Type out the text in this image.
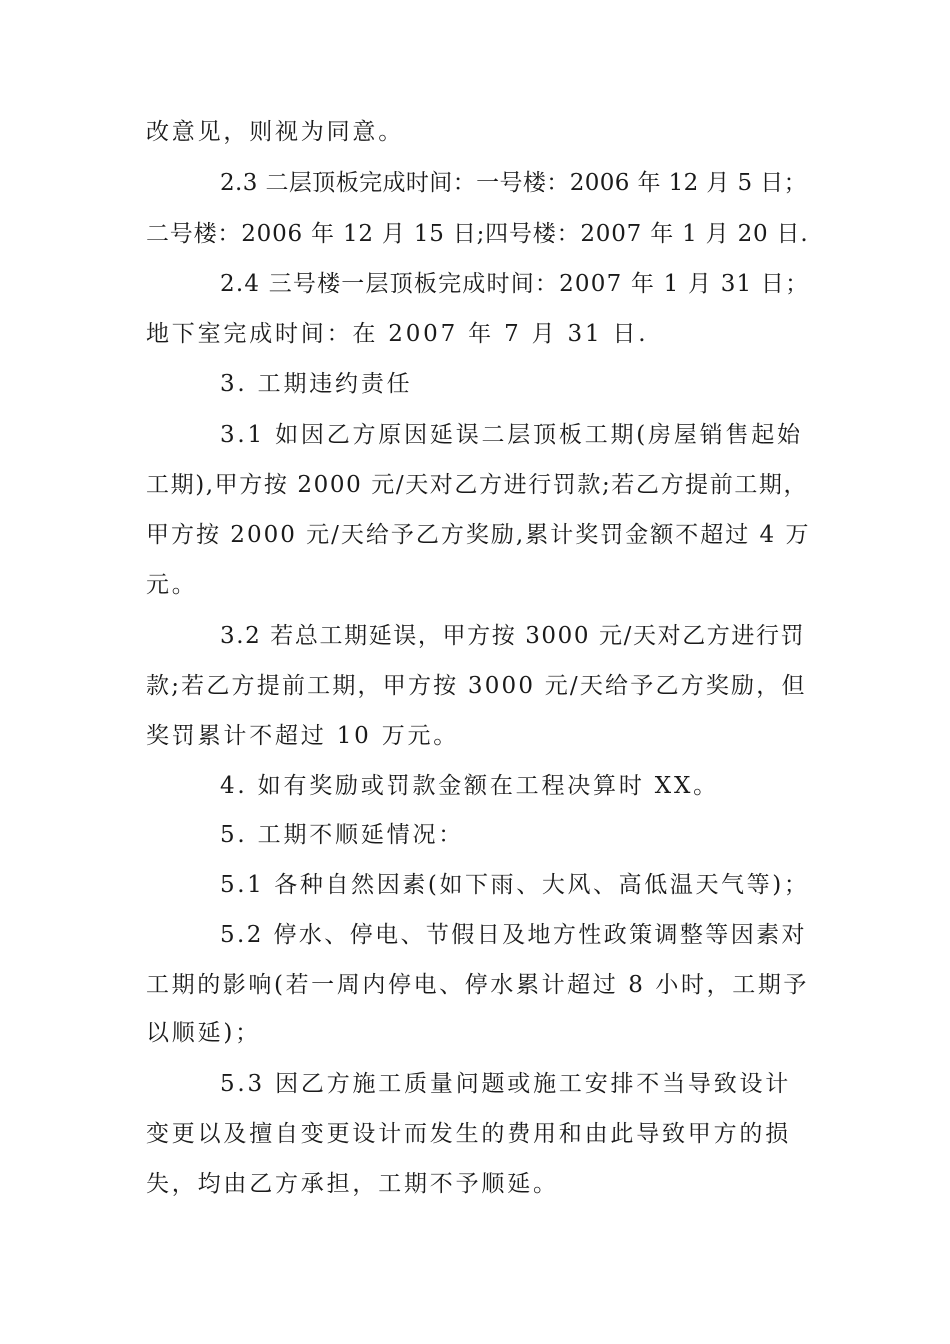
改意见，则视为同意。

2.3 二层顶板完成时间：一号楼：2006 年 12 月 5 日；

二号楼：2006 年 12 月 15 日;四号楼：2007 年 1 月 20 日.

2.4 三号楼一层顶板完成时间：2007 年 1 月 31 日；

地下室完成时间：在 2007 年 7 月 31 日.

3. 工期违约责任

3.1 如因乙方原因延误二层顶板工期(房屋销售起始

工期),甲方按 2000 元/天对乙方进行罚款;若乙方提前工期，

甲方按 2000 元/天给予乙方奖励,累计奖罚金额不超过 4 万

元。

3.2 若总工期延误，甲方按 3000 元/天对乙方进行罚

款;若乙方提前工期，甲方按 3000 元/天给予乙方奖励，但

奖罚累计不超过 10 万元。

4. 如有奖励或罚款金额在工程决算时 XX。

5. 工期不顺延情况：

5.1 各种自然因素(如下雨、大风、高低温天气等)；

5.2 停水、停电、节假日及地方性政策调整等因素对

工期的影响(若一周内停电、停水累计超过 8 小时，工期予

以顺延)；

5.3 因乙方施工质量问题或施工安排不当导致设计

变更以及擅自变更设计而发生的费用和由此导致甲方的损

失，均由乙方承担，工期不予顺延。
